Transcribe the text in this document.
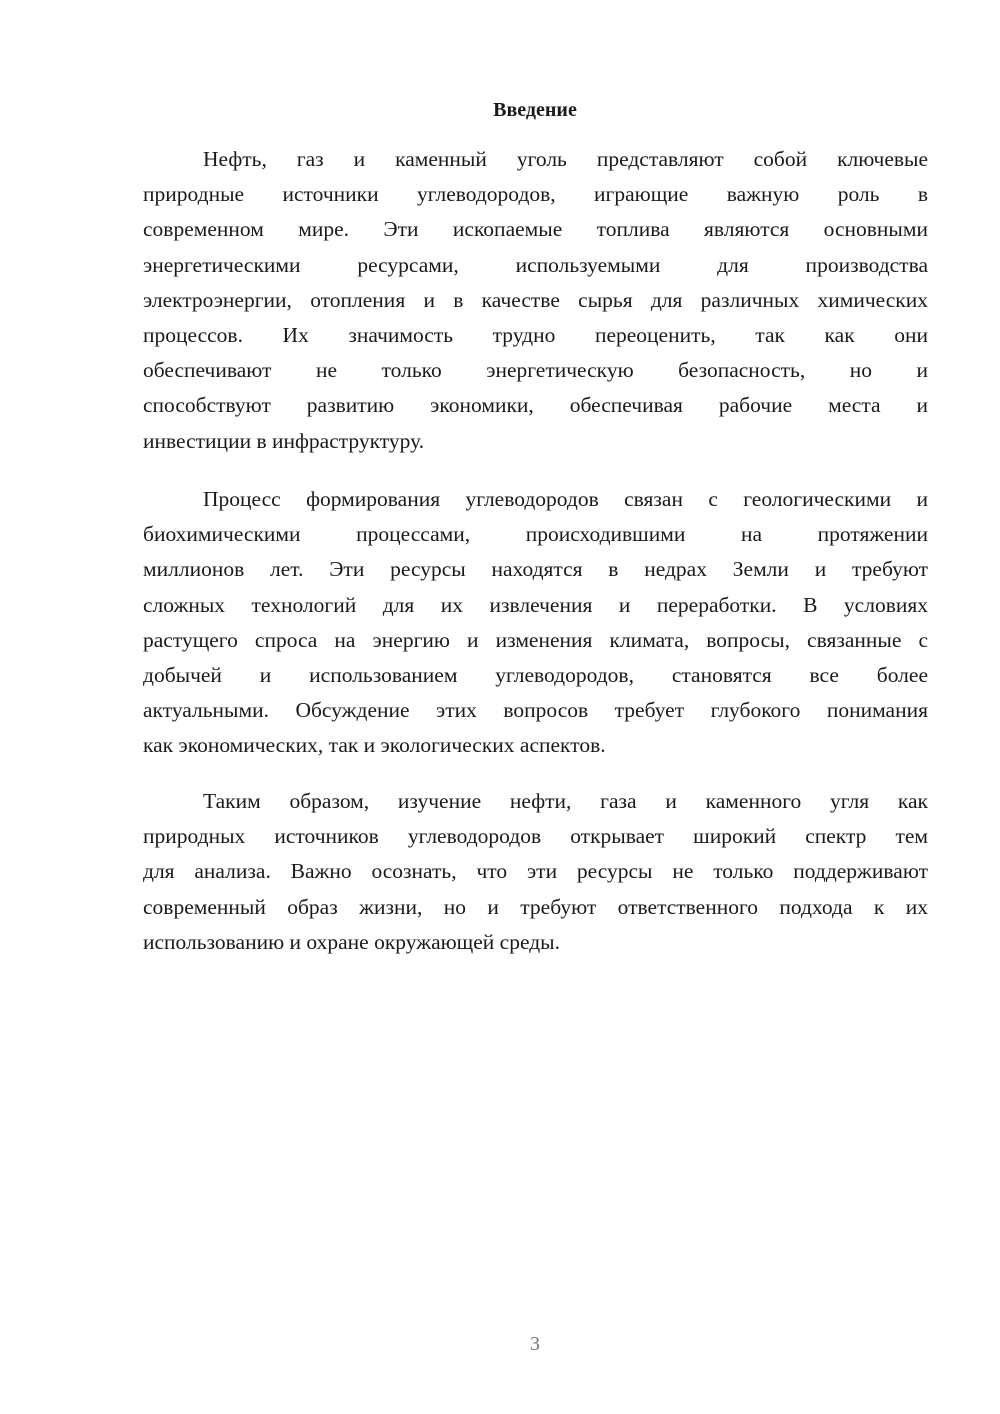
Введение
Нефть, газ и каменный уголь представляют собой ключевые
природные источники углеводородов, играющие важную роль в
современном мире. Эти ископаемые топлива являются основными
энергетическими ресурсами, используемыми для производства
электроэнергии, отопления и в качестве сырья для различных химических
процессов. Их значимость трудно переоценить, так как они
обеспечивают не только энергетическую безопасность, но и
способствуют развитию экономики, обеспечивая рабочие места и
инвестиции в инфраструктуру.
Процесс формирования углеводородов связан с геологическими и
биохимическими процессами, происходившими на протяжении
миллионов лет. Эти ресурсы находятся в недрах Земли и требуют
сложных технологий для их извлечения и переработки. В условиях
растущего спроса на энергию и изменения климата, вопросы, связанные с
добычей и использованием углеводородов, становятся все более
актуальными. Обсуждение этих вопросов требует глубокого понимания
как экономических, так и экологических аспектов.
Таким образом, изучение нефти, газа и каменного угля как
природных источников углеводородов открывает широкий спектр тем
для анализа. Важно осознать, что эти ресурсы не только поддерживают
современный образ жизни, но и требуют ответственного подхода к их
использованию и охране окружающей среды.
3
